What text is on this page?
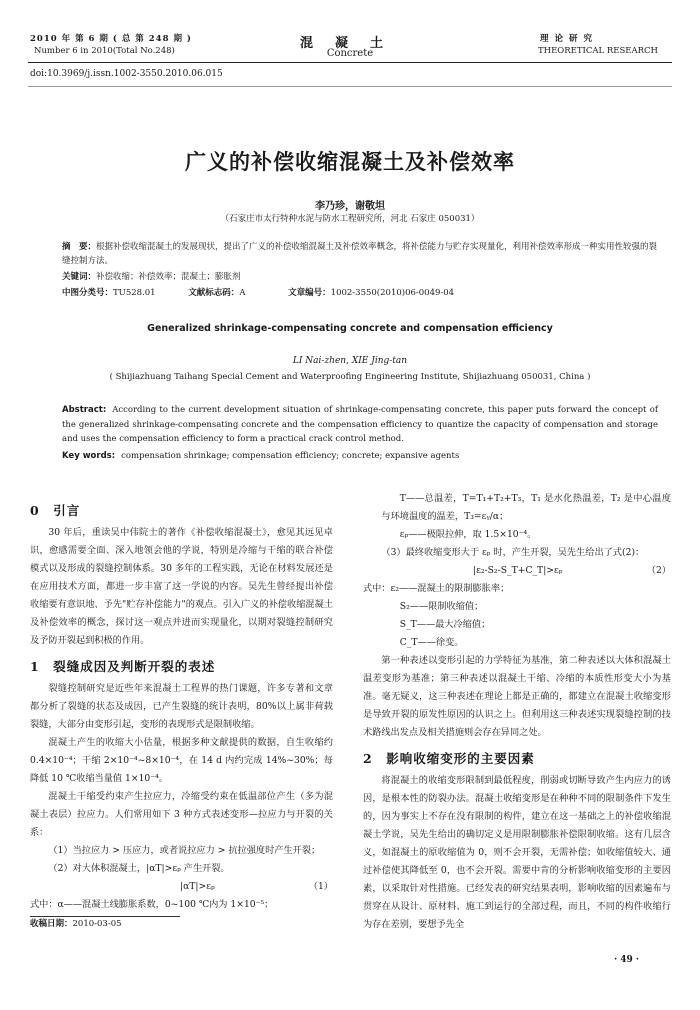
2010 年 第 6 期 ( 总 第 248 期 )
Number 6 in 2010(Total No.248)	混凝土
Concrete
理论研究
THEORETICAL RESEARCH
doi:10.3969/j.issn.1002-3550.2010.06.015
广义的补偿收缩混凝土及补偿效率
李乃珍，谢敬坦
（石家庄市太行特种水泥与防水工程研究所，河北 石家庄 050031）
摘　要：根据补偿收缩混凝土的发展现状，提出了广义的补偿收缩混凝土及补偿效率概念，将补偿能力与贮存实现量化，利用补偿效率形成一种实用性较强的裂缝控制方法。
关键词：补偿收缩；补偿效率；混凝土；膨胀剂
中图分类号：TU528.01	文献标志码：A	文章编号：1002-3550(2010)06-0049-04
Generalized shrinkage-compensating concrete and compensation efficiency
LI Nai-zhen, XIE Jing-tan
( Shijiazhuang Taihang Special Cement and Waterproofing Engineering Institute, Shijiazhuang 050031, China )
Abstract: According to the current development situation of shrinkage-compensating concrete, this paper puts forward the concept of the generalized shrinkage-compensating concrete and the compensation efficiency to quantize the capacity of compensation and storage and uses the compensation efficiency to form a practical crack control method.
Key words: compensation shrinkage; compensation efficiency; concrete; expansive agents
0　引言

30 年后，重读吴中伟院士的著作《补偿收缩混凝土》，愈见其远见卓识，愈感需要全面、深入地领会他的学说，特别是冷缩与干缩的联合补偿模式以及形成的裂缝控制体系。30 多年的工程实践，无论在材料发展还是在应用技术方面，都进一步丰富了这一学说的内容。吴先生曾经提出补偿收缩要有意识地、予先"贮存补偿能力"的观点。引入广义的补偿收缩混凝土及补偿效率的概念，探讨这一观点并进而实现量化，以期对裂缝控制研究及予防开裂起到积极的作用。

1　裂缝成因及判断开裂的表述

裂缝控制研究是近些年来混凝土工程界的热门课题，许多专著和文章都分析了裂缝的状态及成因，已产生裂缝的统计表明，80%以上属非荷载裂缝，大部分由变形引起，变形的表现形式是限制收缩。

混凝土产生的收缩大小估量，根据多种文献提供的数据，自生收缩约 0.4×10⁻⁴；干缩 2×10⁻⁴~8×10⁻⁴，在 14 d 内约完成 14%~30%；每降低 10 ℃收缩当量值 1×10⁻⁴。

混凝土干缩受约束产生拉应力，冷缩受约束在低温部位产生（多为混凝土表层）拉应力。人们常用如下 3 种方式表述变形—拉应力与开裂的关系：

（1）当拉应力 > 压应力，或者说拉应力 > 抗拉强度时产生开裂；

（2）对大体积混凝土，|αT|>εₚ 产生开裂。

|αT|>εₚ	（1）

式中：α——混凝土线膨胀系数，0~100 ℃内为 1×10⁻⁵；

收稿日期：2010-03-05

T——总温差，T=T₁+T₂+T₃，T₁ 是水化热温差，T₂ 是中心温度与环境温度的温差，T₃=εᵧ/α；

εₚ——极限拉伸，取 1.5×10⁻⁴。

（3）最终收缩变形大于 εₚ 时，产生开裂，吴先生给出了式(2)：

|ε₂-S₂-S_T+C_T|>εₚ	（2）

式中：ε₂——混凝土的限制膨胀率；

S₂——限制收缩值；

S_T——最大冷缩值；

C_T——徐变。

第一种表述以变形引起的力学特征为基准，第二种表述以大体积混凝土温差变形为基准；第三种表述以混凝土干缩、冷缩的本质性形变大小为基准。毫无疑义，这三种表述在理论上都是正确的，都建立在混凝土收缩变形是导致开裂的原发性原因的认识之上。但利用这三种表述实现裂缝控制的技术路线出发点及相关措施则会存在异同之处。

2　影响收缩变形的主要因素

将混凝土的收缩变形限制到最低程度，削弱或切断导致产生内应力的诱因，是根本性的防裂办法。混凝土收缩变形是在种种不同的限制条件下发生的，因为事实上不存在没有限制的构件，建立在这一基础之上的补偿收缩混凝土学说，吴先生给出的确切定义是用限制膨胀补偿限制收缩。这有几层含义，如混凝土的原收缩值为 0，则不会开裂，无需补偿；如收缩值较大、通过补偿使其降低至 0，也不会开裂。需要中肯的分析影响收缩变形的主要因素，以采取针对性措施。已经发表的研究结果表明，影响收缩的因素遍布与贯穿在从设计、原材料、施工到运行的全部过程，而且，不同的构件收缩行为存在差别，要想予先全

· 49 ·
